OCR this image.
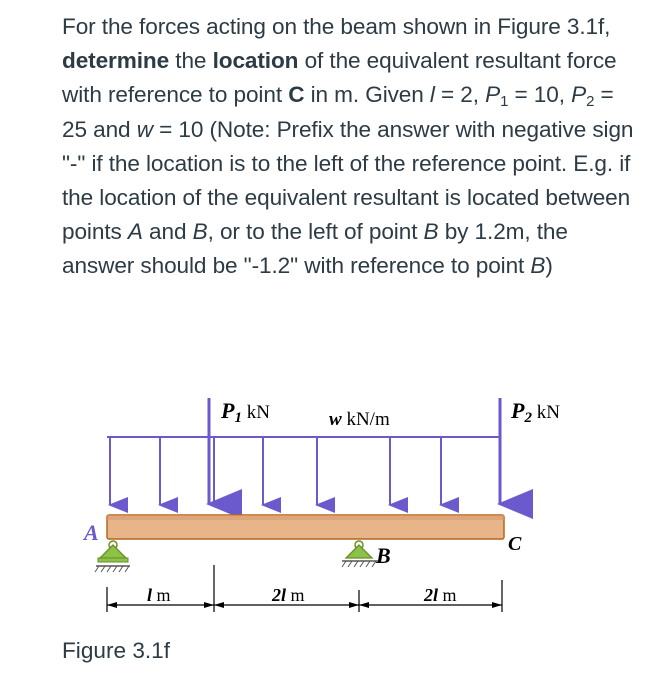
For the forces acting on the beam shown in Figure 3.1f, determine the location of the equivalent resultant force with reference to point C in m. Given l = 2, $P_1 = 10$, $P_2 = 25$ and w = 10 (Note: Prefix the answer with negative sign "-" if the location is to the left of the reference point. E.g. if the location of the equivalent resultant is located between points A and B, or to the left of point B by 1.2m, the answer should be "-1.2" with reference to point B)
P1 kN	w kN/m	P2 kN
A
B	C
l m	2l m	2l m
Figure 3.1f
